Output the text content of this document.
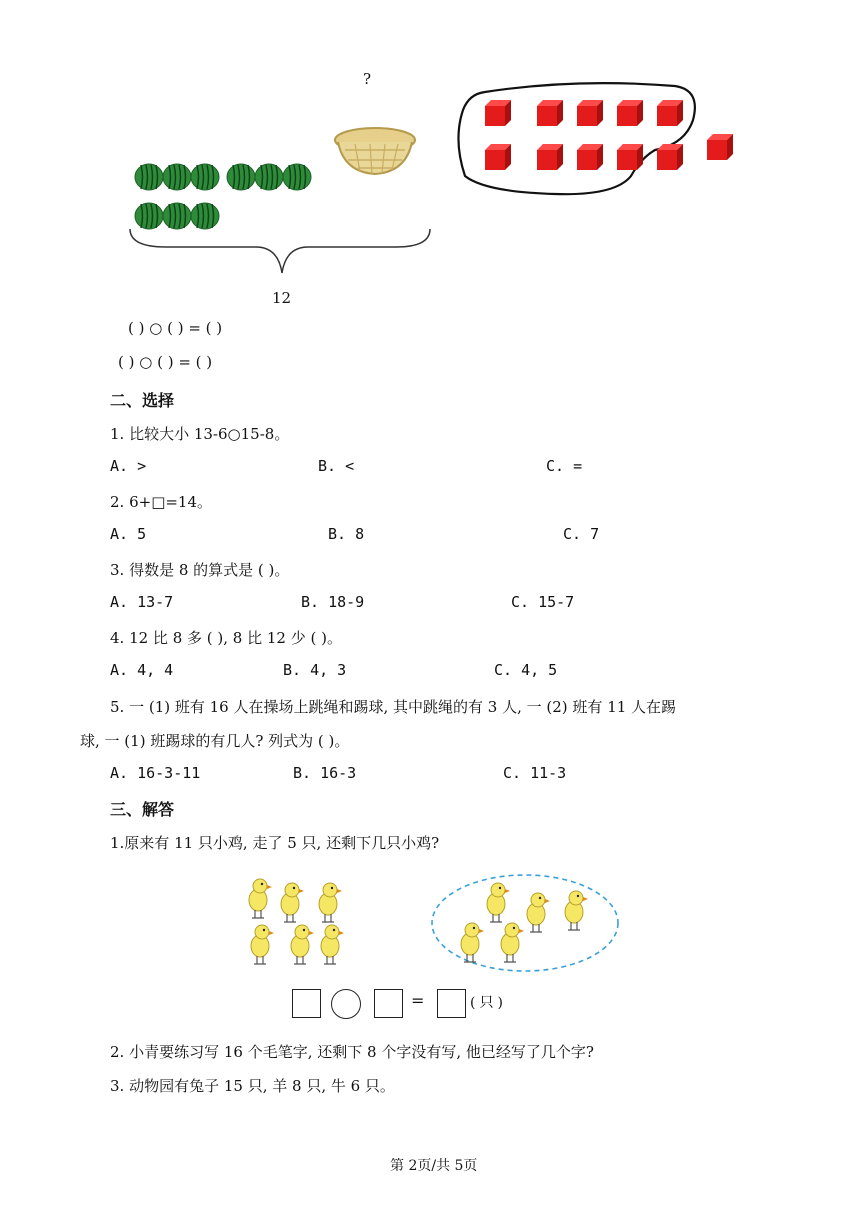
?
12
( ) ○ ( ) = ( )
( ) ○ ( ) = ( )
二、选择
1. 比较大小 13-6○15-8。
A. >	B. <	C. =
2. 6+□=14。
A. 5	B. 8	C. 7
3. 得数是 8 的算式是 ( )。
A. 13-7	B. 18-9	C. 15-7
4. 12 比 8 多 ( ), 8 比 12 少 ( )。
A. 4, 4	B. 4, 3	C. 4, 5
5. 一 (1) 班有 16 人在操场上跳绳和踢球, 其中跳绳的有 3 人, 一 (2) 班有 11 人在踢
球, 一 (1) 班踢球的有几人? 列式为 ( )。
A. 16-3-11	B. 16-3	C. 11-3
三、解答
1.原来有 11 只小鸡, 走了 5 只, 还剩下几只小鸡?
=	(只)
2. 小青要练习写 16 个毛笔字, 还剩下 8 个字没有写, 他已经写了几个字?
3. 动物园有兔子 15 只, 羊 8 只, 牛 6 只。
第 2页/共 5页
